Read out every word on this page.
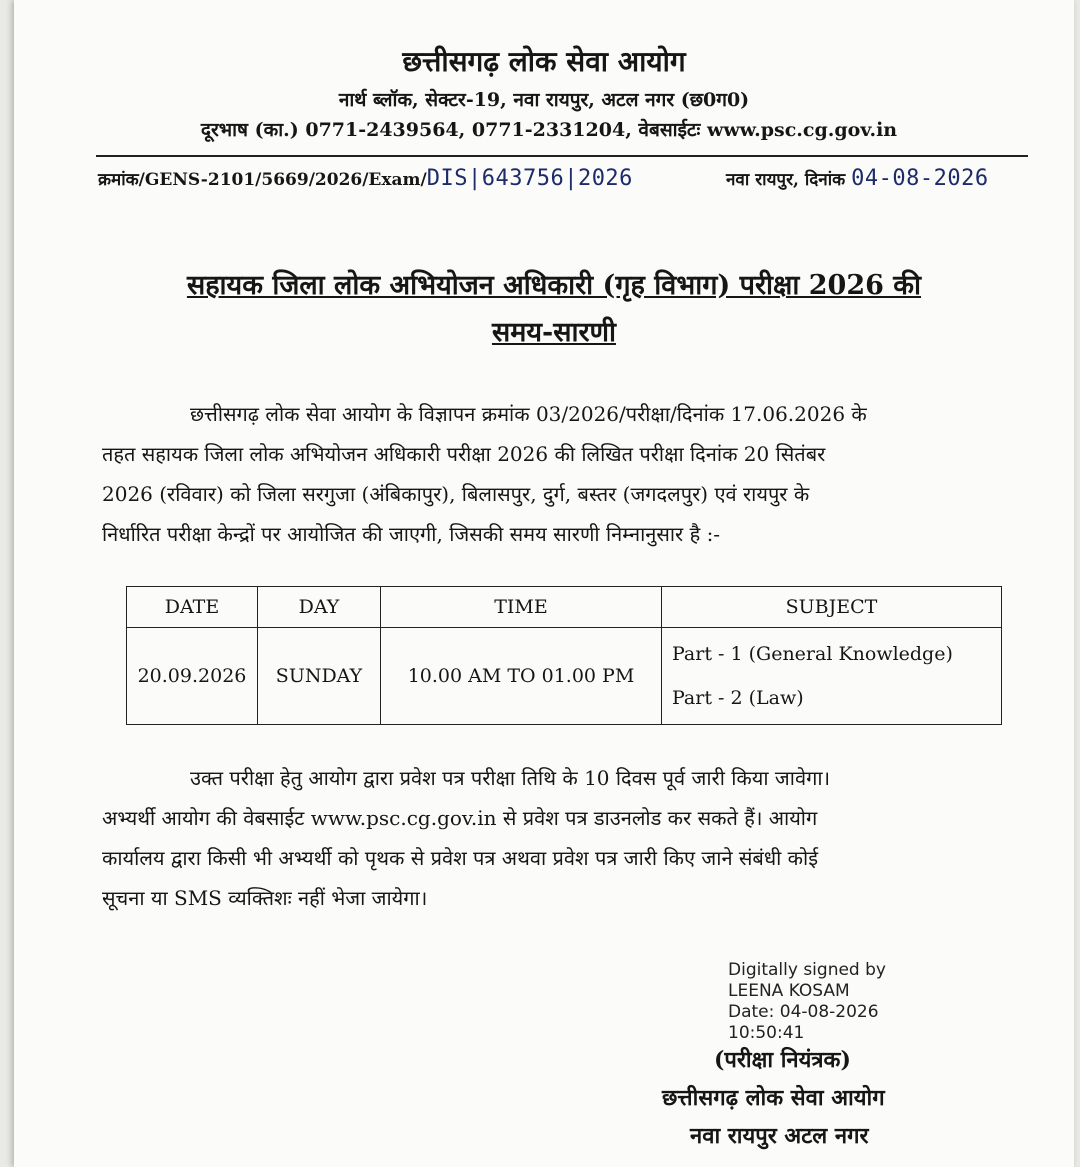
छत्तीसगढ़ लोक सेवा आयोग
नार्थ ब्लॉक, सेक्टर-19, नवा रायपुर, अटल नगर (छ0ग0)
दूरभाष (का.) 0771-2439564, 0771-2331204, वेबसाईटः www.psc.cg.gov.in
क्रमांक/GENS-2101/5669/2026/Exam/DIS|643756|2026	नवा रायपुर, दिनांक 04-08-2026
सहायक जिला लोक अभियोजन अधिकारी (गृह विभाग) परीक्षा 2026 की
समय-सारणी
छत्तीसगढ़ लोक सेवा आयोग के विज्ञापन क्रमांक 03/2026/परीक्षा/दिनांक 17.06.2026 के
तहत सहायक जिला लोक अभियोजन अधिकारी परीक्षा 2026 की लिखित परीक्षा दिनांक 20 सितंबर
2026 (रविवार) को जिला सरगुजा (अंबिकापुर), बिलासपुर, दुर्ग, बस्तर (जगदलपुर) एवं रायपुर के
निर्धारित परीक्षा केन्द्रों पर आयोजित की जाएगी, जिसकी समय सारणी निम्नानुसार है :-
DATE	DAY	TIME	SUBJECT
20.09.2026	SUNDAY	10.00 AM TO 01.00 PM	Part - 1 (General Knowledge)
Part - 2 (Law)
उक्त परीक्षा हेतु आयोग द्वारा प्रवेश पत्र परीक्षा तिथि के 10 दिवस पूर्व जारी किया जावेगा।
अभ्यर्थी आयोग की वेबसाईट www.psc.cg.gov.in से प्रवेश पत्र डाउनलोड कर सकते हैं। आयोग
कार्यालय द्वारा किसी भी अभ्यर्थी को पृथक से प्रवेश पत्र अथवा प्रवेश पत्र जारी किए जाने संबंधी कोई
सूचना या SMS व्यक्तिशः नहीं भेजा जायेगा।
Digitally signed by
LEENA KOSAM
Date: 04-08-2026
10:50:41
(परीक्षा नियंत्रक)
छत्तीसगढ़ लोक सेवा आयोग
नवा रायपुर अटल नगर
